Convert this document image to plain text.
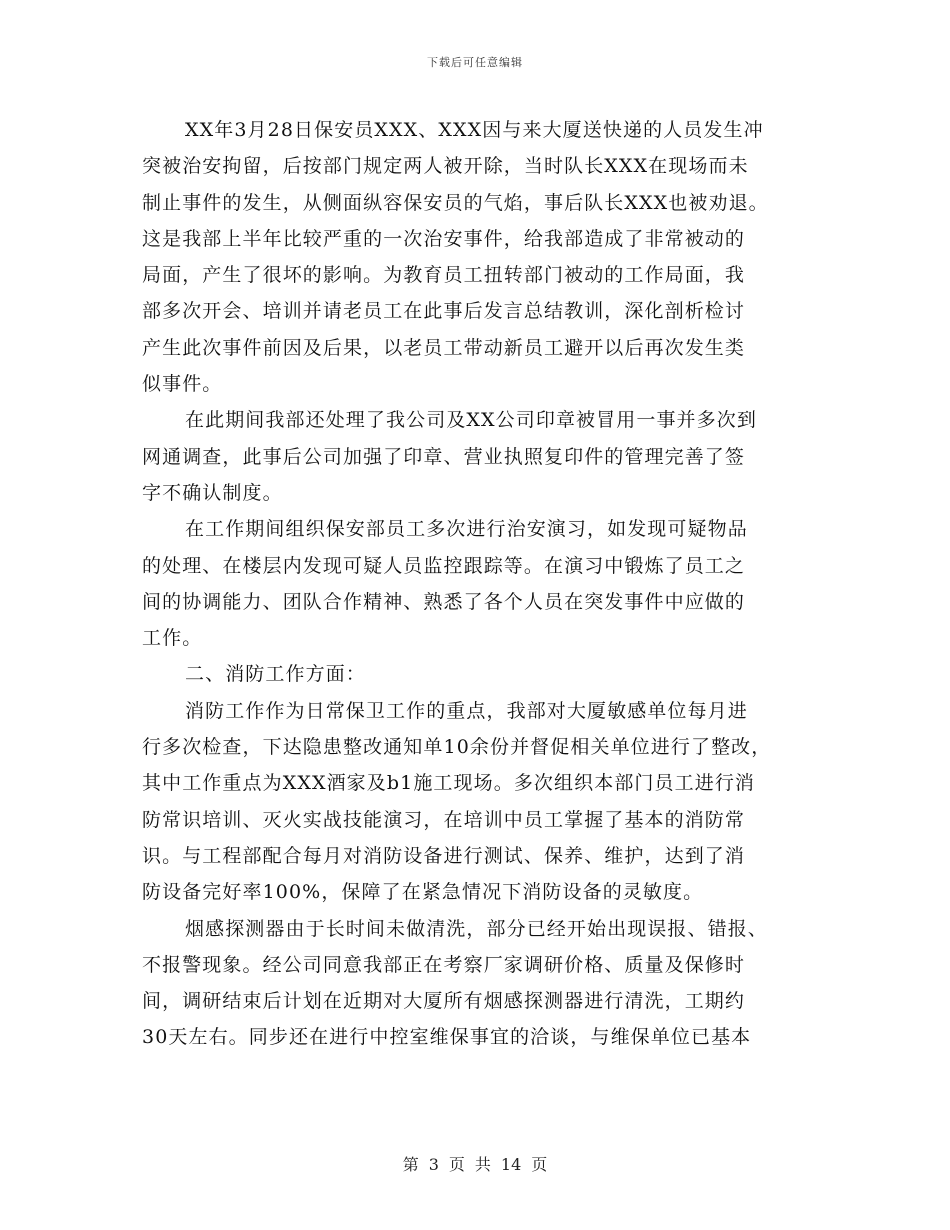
下载后可任意编辑
XX年3月28日保安员XXX、XXX因与来大厦送快递的人员发生冲
突被治安拘留，后按部门规定两人被开除，当时队长XXX在现场而未
制止事件的发生，从侧面纵容保安员的气焰，事后队长XXX也被劝退。
这是我部上半年比较严重的一次治安事件，给我部造成了非常被动的
局面，产生了很坏的影响。为教育员工扭转部门被动的工作局面，我
部多次开会、培训并请老员工在此事后发言总结教训，深化剖析检讨
产生此次事件前因及后果，以老员工带动新员工避开以后再次发生类
似事件。
在此期间我部还处理了我公司及XX公司印章被冒用一事并多次到
网通调查，此事后公司加强了印章、营业执照复印件的管理完善了签
字不确认制度。
在工作期间组织保安部员工多次进行治安演习，如发现可疑物品
的处理、在楼层内发现可疑人员监控跟踪等。在演习中锻炼了员工之
间的协调能力、团队合作精神、熟悉了各个人员在突发事件中应做的
工作。
二、消防工作方面：
消防工作作为日常保卫工作的重点，我部对大厦敏感单位每月进
行多次检查，下达隐患整改通知单10余份并督促相关单位进行了整改，
其中工作重点为XXX酒家及b1施工现场。多次组织本部门员工进行消
防常识培训、灭火实战技能演习，在培训中员工掌握了基本的消防常
识。与工程部配合每月对消防设备进行测试、保养、维护，达到了消
防设备完好率100%，保障了在紧急情况下消防设备的灵敏度。
烟感探测器由于长时间未做清洗，部分已经开始出现误报、错报、
不报警现象。经公司同意我部正在考察厂家调研价格、质量及保修时
间，调研结束后计划在近期对大厦所有烟感探测器进行清洗，工期约
30天左右。同步还在进行中控室维保事宜的洽谈，与维保单位已基本
第 3 页 共 14 页
